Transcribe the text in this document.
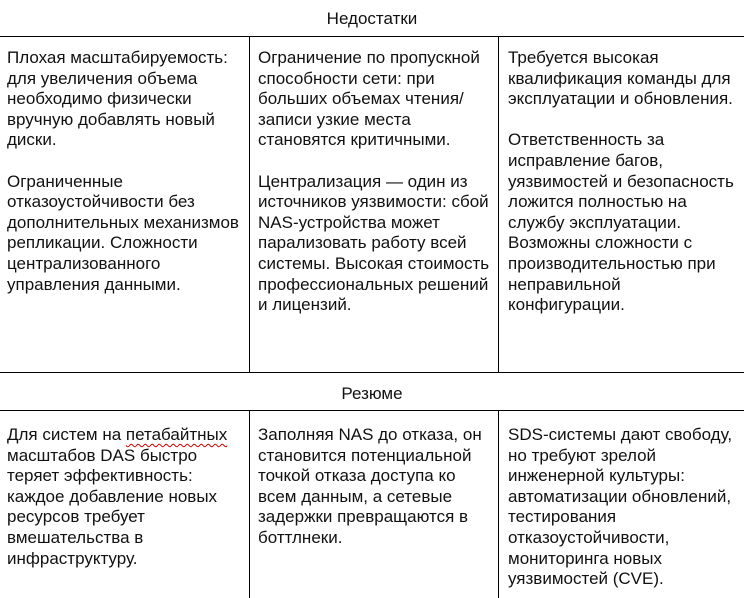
Недостатки

Плохая масштабируемость: для увеличения объема необходимо физически вручную добавлять новый диски.

Ограниченные отказоустойчивости без дополнительных механизмов репликации. Сложности централизованного управления данными.

Ограничение по пропускной способности сети: при больших объемах чтения/записи узкие места становятся критичными.

Централизация — один из источников уязвимости: сбой NAS-устройства может парализовать работу всей системы. Высокая стоимость профессиональных решений и лицензий.

Требуется высокая квалификация команды для эксплуатации и обновления.

Ответственность за исправление багов, уязвимостей и безопасность ложится полностью на службу эксплуатации. Возможны сложности с производительностью при неправильной конфигурации.

Резюме

Для систем на петабайтных масштабов DAS быстро теряет эффективность: каждое добавление новых ресурсов требует вмешательства в инфраструктуру.

Заполняя NAS до отказа, он становится потенциальной точкой отказа доступа ко всем данным, а сетевые задержки превращаются в боттлнеки.

SDS-системы дают свободу, но требуют зрелой инженерной культуры: автоматизации обновлений, тестирования отказоустойчивости, мониторинга новых уязвимостей (CVE).
